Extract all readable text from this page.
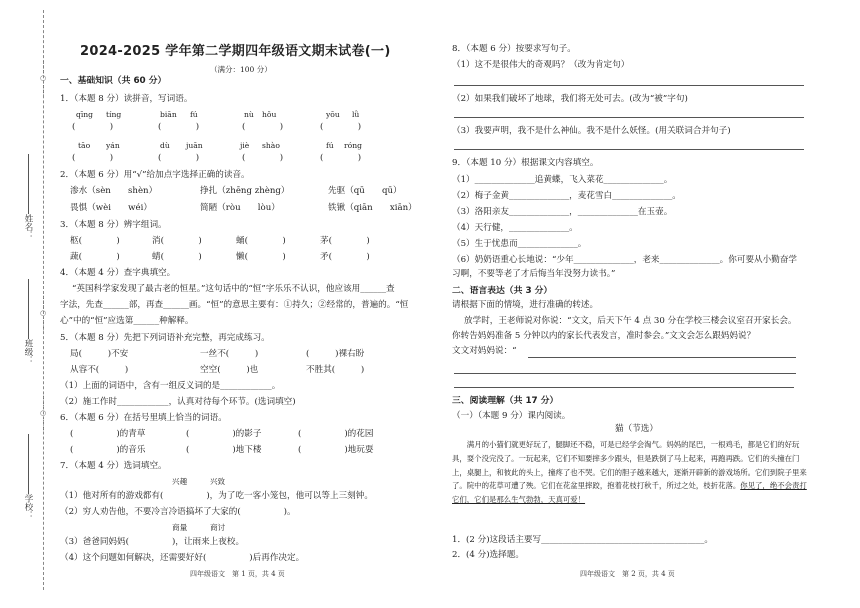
⋯⋯○⋯⋯
⋯⋯○⋯⋯
⋯⋯○⋯⋯
姓名：
班级：
学校：
2024-2025 学年第二学期四年级语文期末试卷(一)
（满分：100 分）
一、基础知识（共 60 分）
1．（本题 8 分）读拼音，写词语。
qīng tíng	biān fú	nù hǒu	yōu lǜ
(　　　　)	(　　　　)	(　　　　)	(　　　　)
tāo yán	dù juān	jiè shào	fú róng
(　　　　)	(　　　　)	(　　　　)	(　　　　)
2．（本题 6 分）用“√”给加点字选择正确的读音。
渗水（sèn　　shèn）	挣扎（zhēng zhèng）	先驱（qū　　qū）
畏惧（wèi　　wéi）	简陋（ròu　　lòu）	铁锹（qiān　　xiān）
3．（本题 8 分）辨字组词。
柩(　　　　)	消(　　　　)	蛹(　　　　)	茅(　　　　)
蔬(　　　　)	蜻(　　　　)	懒(　　　　)	矛(　　　　)
4．（本题 4 分）查字典填空。
“英国科学家发现了最古老的恒星。”这句话中的“恒”字乐乐不认识，他应该用______查
字法，先查______部，再查______画。“恒”的意思主要有：①持久；②经常的，普遍的。“恒
心”中的“恒”应选第______种解释。
5．（本题 8 分）先把下列词语补充完整，再完成练习。
局(　　　)不安	一丝不(　　　)	(　　　)裸右盼
从容不(　　　)	空空(　　　)也	不胜其(　　　)
（1）上面的词语中，含有一组反义词的是____________。
（2）施工作时____________，认真对待每个环节。(选词填空)
6．（本题 6 分）在括号里填上恰当的词语。
(　　　　　)的青草	(　　　　　)的影子	(　　　　　)的花园
(　　　　　)的音乐	(　　　　　)地下楼	(　　　　　)地玩耍
7．（本题 4 分）选词填空。
兴趣　　　兴致
（1）他对所有的游戏都有(　　　　　)，为了吃一客小笼包，他可以等上三刻钟。
（2）穷人劝告他，不要冷言冷语搞坏了大家的(　　　　　)。
商量　　　商讨
（3）爸爸同妈妈(　　　　　)，让雨来上夜校。
（4）这个问题如何解决，还需要好好(　　　　　)后再作决定。
四年级语文　第 1 页，共 4 页
8．（本题 6 分）按要求写句子。
（1）这不是很伟大的奇观吗？（改为肯定句）
（2）如果我们破坏了地球，我们将无处可去。(改为“被”字句)
（3）我要声明，我不是什么神仙。我不是什么妖怪。(用关联词合并句子)
9．（本题 10 分）根据课文内容填空。
（1）______________追黄蝶，飞入菜花______________。
（2）梅子金黄______________，麦花雪白______________。
（3）洛阳亲友______________，______________在玉壶。
（4）天行健，______________。
（5）生于忧患而______________。
（6）奶奶语重心长地说：“少年______________，老来______________。你可要从小勤奋学
习啊，不要等老了才后悔当年没努力读书。”
二、语言表达（共 3 分）
请根据下面的情境，进行准确的转述。
放学时，王老师说对你说：“文文，后天下午 4 点 30 分在学校三楼会议室召开家长会。
你转告妈妈准备 5 分钟以内的家长代表发言，准时参会。”文文会怎么跟妈妈说？
文文对妈妈说：“
三、阅读理解（共 17 分）
（一）（本题 9 分）课内阅读。
猫（节选）
满月的小猫们就更好玩了，腿脚还不稳，可是已经学会淘气。妈妈的尾巴，一根鸡毛，都是它们的好玩具，耍个没完没了。一玩起来，它们不知要摔多少跟头，但是跌倒了马上起来，再跑再跌。它们的头撞在门上，桌腿上，和彼此的头上，撞疼了也不哭。它们的胆子越来越大，逐渐开辟新的游戏场所。它们到院子里来了。院中的花草可遭了殃。它们在花盆里摔跤，抱着花枝打秋千，所过之处，枝折花落。你见了，绝不会责打它们，它们是那么生气勃勃，天真可爱！
1．(2 分)这段话主要写______________________________________。
2．(4 分)选择题。
四年级语文　第 2 页，共 4 页
